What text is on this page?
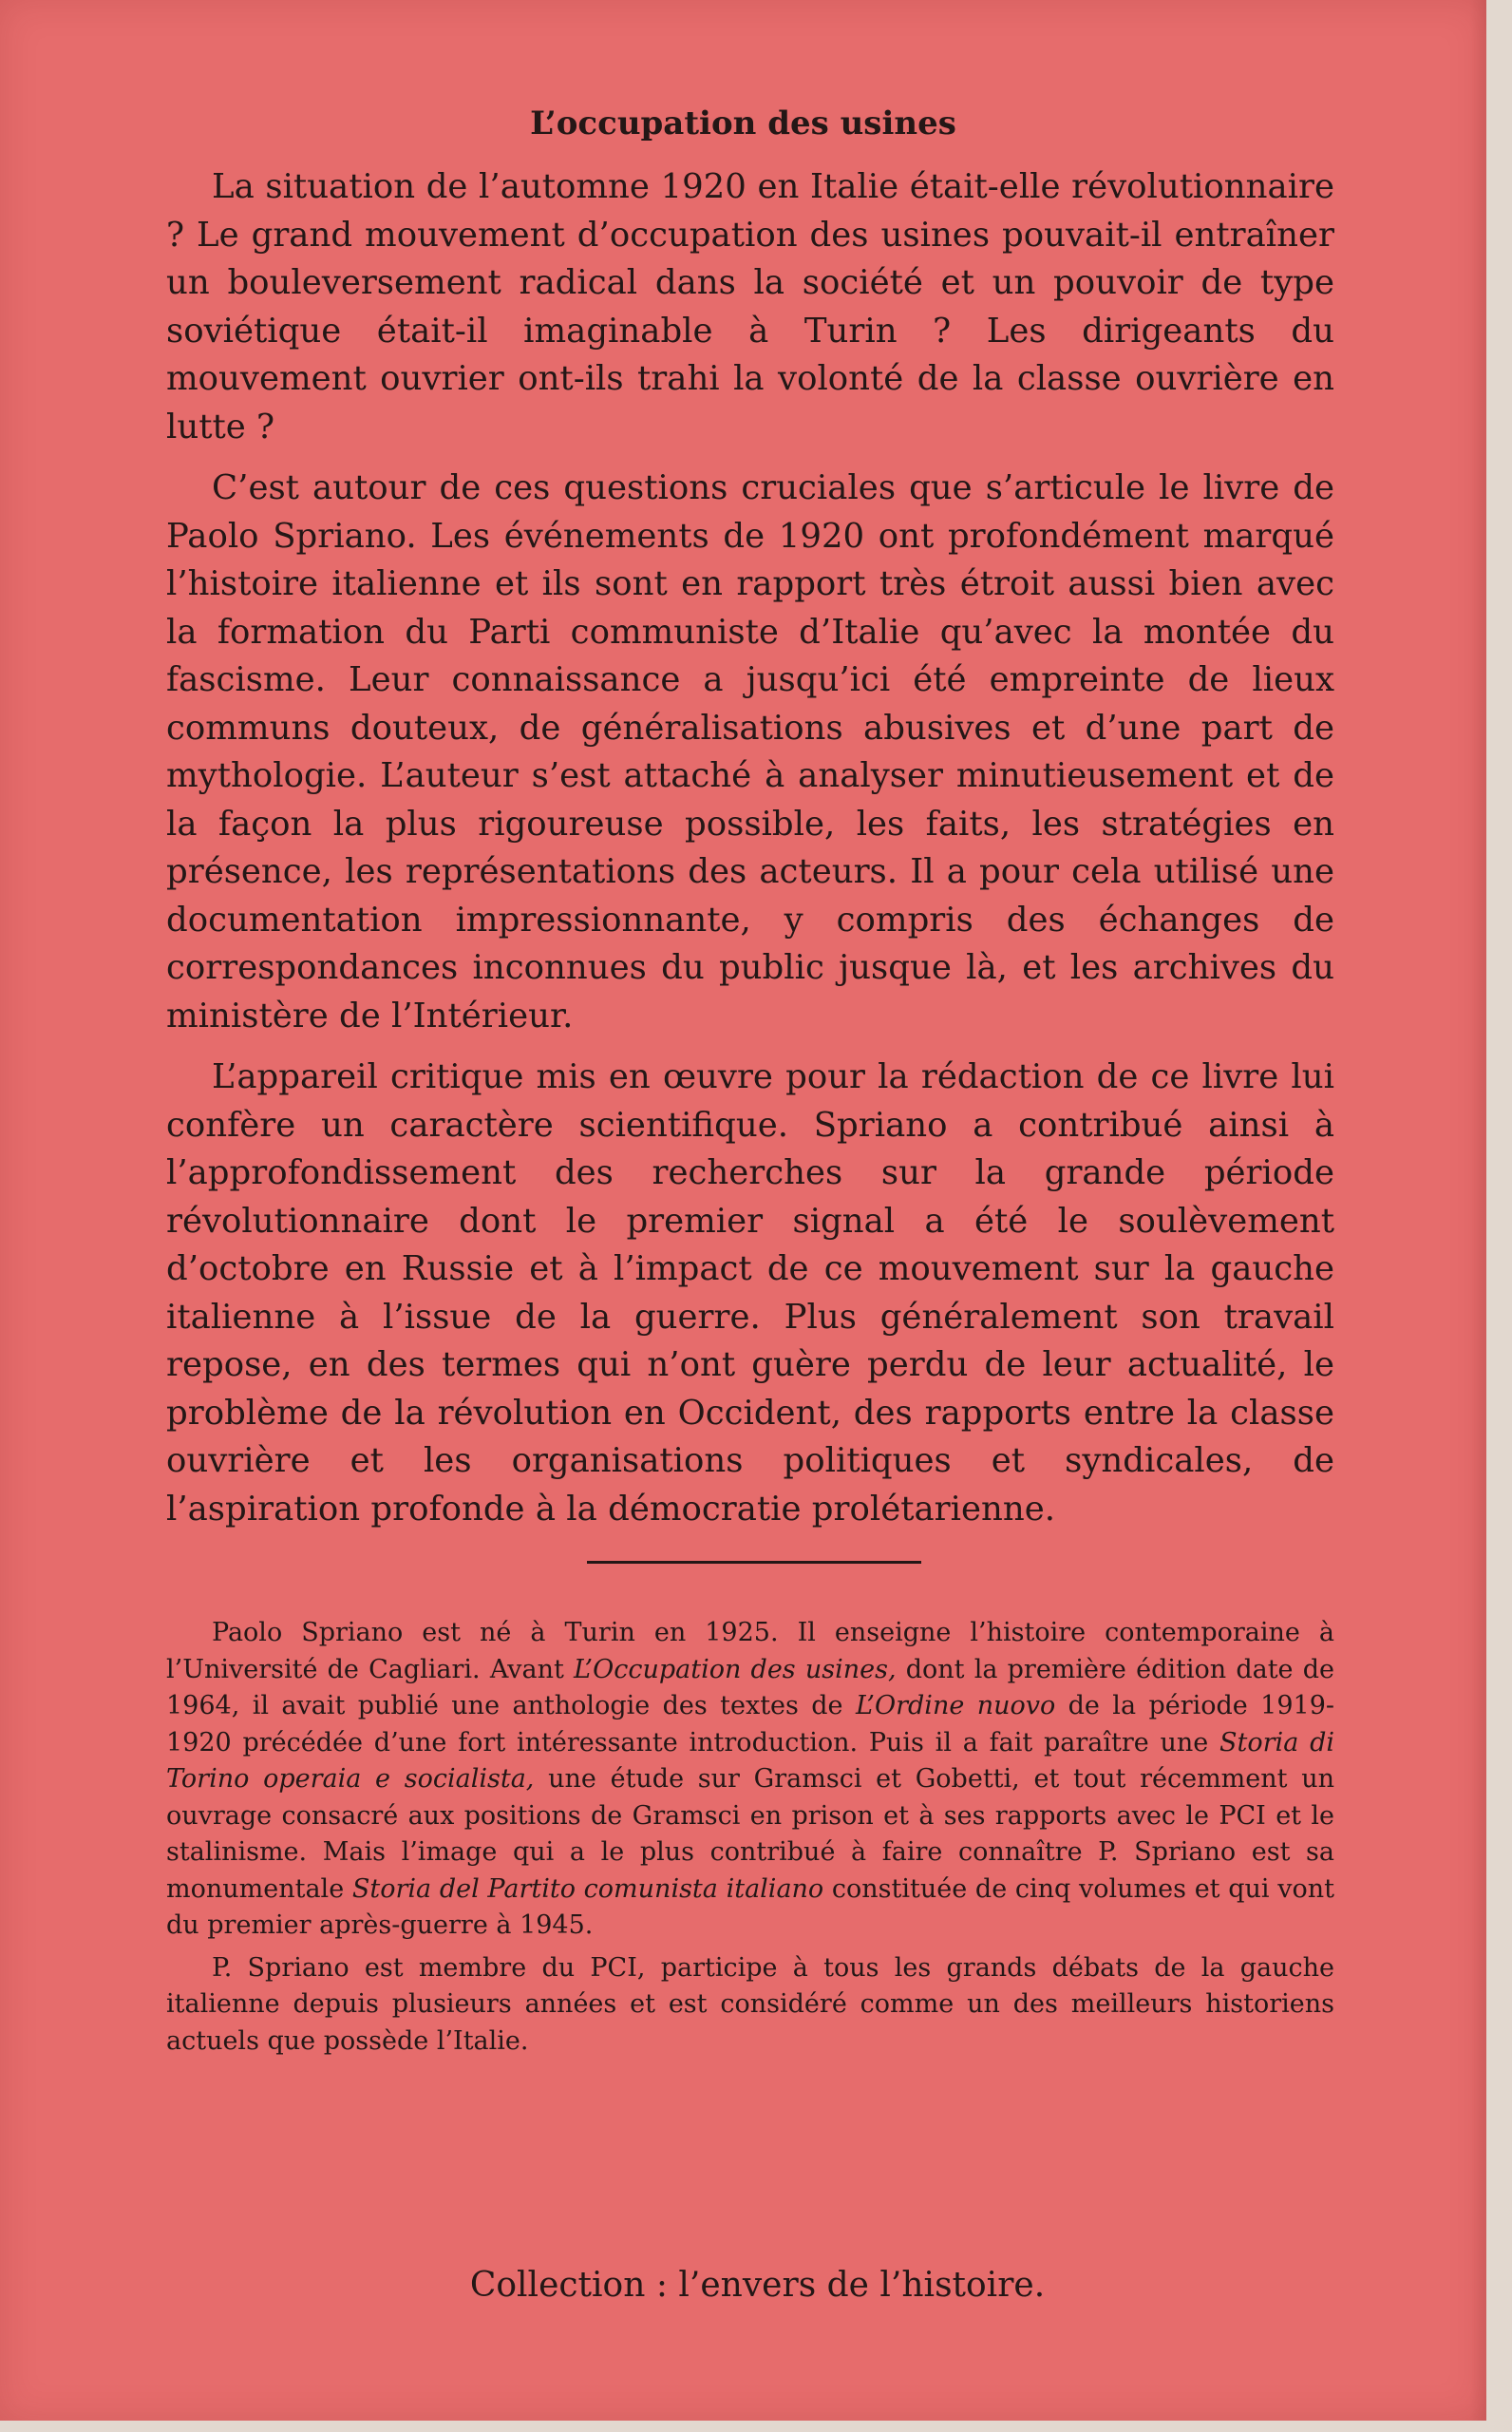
L’occupation des usines

La situation de l’automne 1920 en Italie était-elle révolutionnaire ? Le grand mouvement d’occupation des usines pouvait-il entraîner un bouleversement radical dans la société et un pouvoir de type soviétique était-il imaginable à Turin ? Les dirigeants du mouvement ouvrier ont-ils trahi la volonté de la classe ouvrière en lutte ?

C’est autour de ces questions cruciales que s’articule le livre de Paolo Spriano. Les événements de 1920 ont profondément marqué l’histoire italienne et ils sont en rapport très étroit aussi bien avec la formation du Parti communiste d’Italie qu’avec la montée du fascisme. Leur connaissance a jusqu’ici été empreinte de lieux communs douteux, de généralisations abusives et d’une part de mythologie. L’auteur s’est attaché à analyser minutieusement et de la façon la plus rigoureuse possible, les faits, les stratégies en présence, les représentations des acteurs. Il a pour cela utilisé une documentation impressionnante, y compris des échanges de correspondances inconnues du public jusque là, et les archives du ministère de l’Intérieur.

L’appareil critique mis en œuvre pour la rédaction de ce livre lui confère un caractère scientifique. Spriano a contribué ainsi à l’approfondissement des recherches sur la grande période révolutionnaire dont le premier signal a été le soulèvement d’octobre en Russie et à l’impact de ce mouvement sur la gauche italienne à l’issue de la guerre. Plus généralement son travail repose, en des termes qui n’ont guère perdu de leur actualité, le problème de la révolution en Occident, des rapports entre la classe ouvrière et les organisations politiques et syndicales, de l’aspiration profonde à la démocratie prolétarienne.

Paolo Spriano est né à Turin en 1925. Il enseigne l’histoire contemporaine à l’Université de Cagliari. Avant L’Occupation des usines, dont la première édition date de 1964, il avait publié une anthologie des textes de L’Ordine nuovo de la période 1919-1920 précédée d’une fort intéressante introduction. Puis il a fait paraître une Storia di Torino operaia e socialista, une étude sur Gramsci et Gobetti, et tout récemment un ouvrage consacré aux positions de Gramsci en prison et à ses rapports avec le PCI et le stalinisme. Mais l’image qui a le plus contribué à faire connaître P. Spriano est sa monumentale Storia del Partito comunista italiano constituée de cinq volumes et qui vont du premier après-guerre à 1945.

P. Spriano est membre du PCI, participe à tous les grands débats de la gauche italienne depuis plusieurs années et est considéré comme un des meilleurs historiens actuels que possède l’Italie.

Collection : l’envers de l’histoire.
